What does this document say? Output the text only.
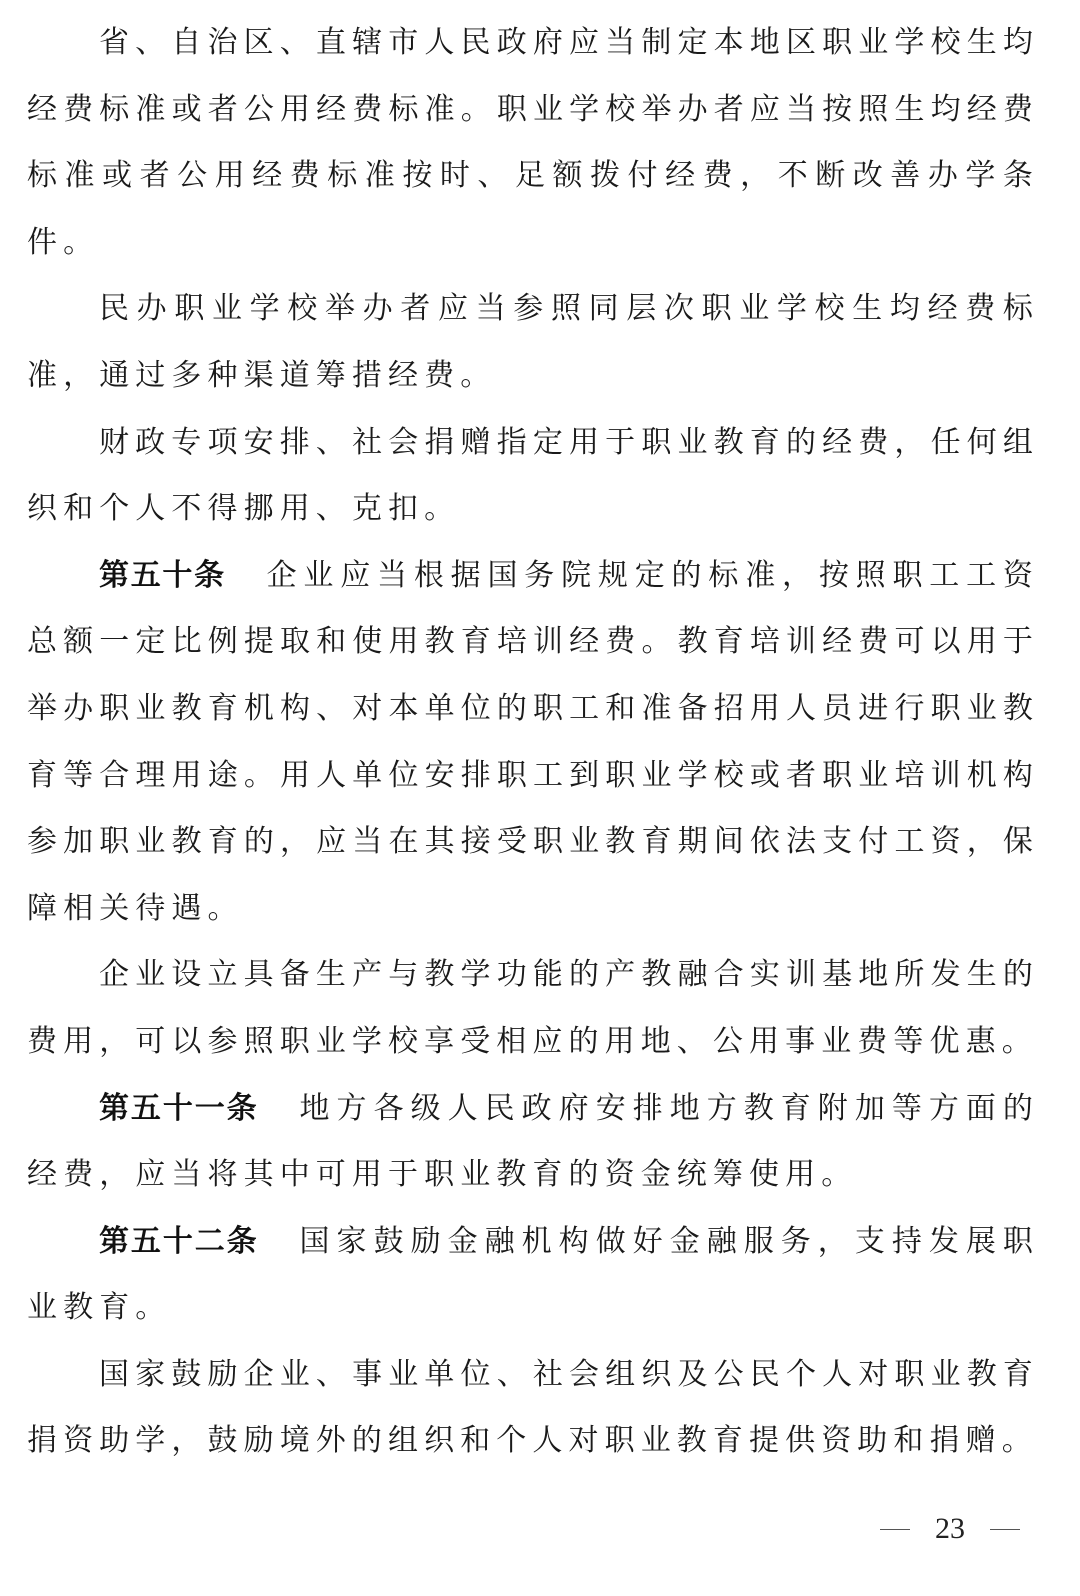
省、自治区、直辖市人民政府应当制定本地区职业学校生均经费标准或者公用经费标准。职业学校举办者应当按照生均经费标准或者公用经费标准按时、足额拨付经费，不断改善办学条件。

民办职业学校举办者应当参照同层次职业学校生均经费标准，通过多种渠道筹措经费。

财政专项安排、社会捐赠指定用于职业教育的经费，任何组织和个人不得挪用、克扣。

第五十条 企业应当根据国务院规定的标准，按照职工工资总额一定比例提取和使用教育培训经费。教育培训经费可以用于举办职业教育机构、对本单位的职工和准备招用人员进行职业教育等合理用途。用人单位安排职工到职业学校或者职业培训机构参加职业教育的，应当在其接受职业教育期间依法支付工资，保障相关待遇。

企业设立具备生产与教学功能的产教融合实训基地所发生的费用，可以参照职业学校享受相应的用地、公用事业费等优惠。

第五十一条 地方各级人民政府安排地方教育附加等方面的经费，应当将其中可用于职业教育的资金统筹使用。

第五十二条 国家鼓励金融机构做好金融服务，支持发展职业教育。

国家鼓励企业、事业单位、社会组织及公民个人对职业教育捐资助学，鼓励境外的组织和个人对职业教育提供资助和捐赠。

23
